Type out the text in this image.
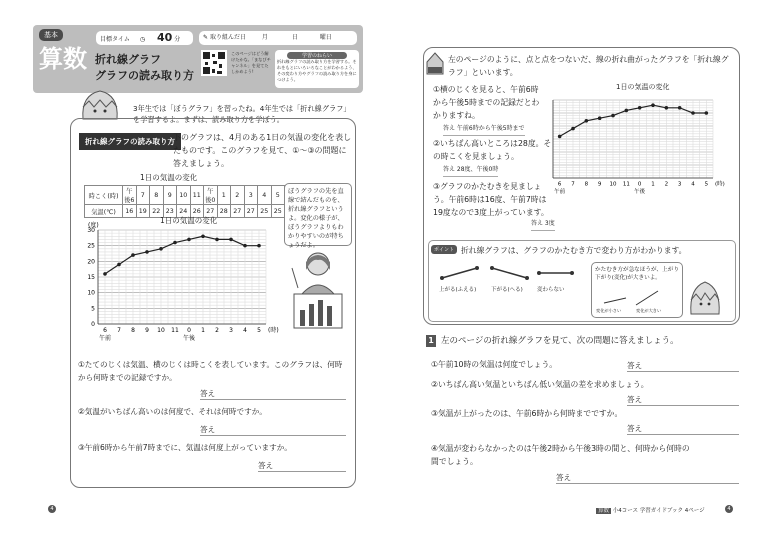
基本
算数
目標タイム ◷ 40 分	✎ 取り組んだ日	月	日	曜日
折れ線グラフ
グラフの読み取り方
このページはどう解けたかな。「まなびチャンネル」を見てたしかめよう!
学習のねらい
折れ線グラフの読み取り方を学習する。それをもとにいろいろなことがわかるよう、その変わり方やグラフの読み取り方を身につけよう。
3年生では「ぼうグラフ」を習ったね。4年生では「折れ線グラフ」を学習するよ。まずは、読み取り方を学ぼう。
折れ線グラフの読み取り方
下のグラフは、4月のある1日の気温の変化を表したものです。このグラフを見て、①〜③の問題に答えましょう。
1日の気温の変化
時こく(時)	午後6	7	8	9	10	11	午後0	1	2	3	4	5
気温(℃)	16	19	22	23	24	26	27	28	27	27	25	25
1日の気温の変化
0
5
10
15
20
25
30
(度)
6 7 8 9 10 11 0 1 2 3 4 5 (時)
午前	午後
ぼうグラフの先を直線で結んだものを、折れ線グラフというよ。変化の様子が、ぼうグラフよりもわかりやすいのが特ちょうだよ。
①たてのじくは気温、横のじくは時こくを表しています。このグラフは、何時から何時までの記録ですか。
答え
②気温がいちばん高いのは何度で、それは何時ですか。
答え
③午前6時から午前7時までに、気温は何度上がっていますか。
答え
4
左のページのように、点と点をつないだ、線の折れ曲がったグラフを「折れ線グラフ」といいます。
①横のじくを見ると、午前6時から午後5時までの記録だとわかりますね。
答え 午前6時から午後5時まで
②いちばん高いところは28度。その時こくを見ましょう。
答え 28度、午後0時
③グラフのかたむきを見ましょう。午前6時は16度、午前7時は19度なので3度上がっています。
答え 3度
1日の気温の変化
6 7 8 9 10 11 0 1 2 3 4 5 (時)
午前	午後
ポイント 折れ線グラフは、グラフのかたむき方で変わり方がわかります。
上がる(ふえる)	下がる(へる)	変わらない
かたむき方が急なほうが、上がり下がり(変化)が大きいよ。
変化が小さい	変化が大きい
1 左のページの折れ線グラフを見て、次の問題に答えましょう。
①午前10時の気温は何度でしょう。	答え
②いちばん高い気温といちばん低い気温の差を求めましょう。
答え
③気温が上がったのは、午前6時から何時までですか。
答え
④気温が変わらなかったのは午後2時から午後3時の間と、何時から何時の間でしょう。
答え
算数 小4コース 学習ガイドブック 4ページ	4
